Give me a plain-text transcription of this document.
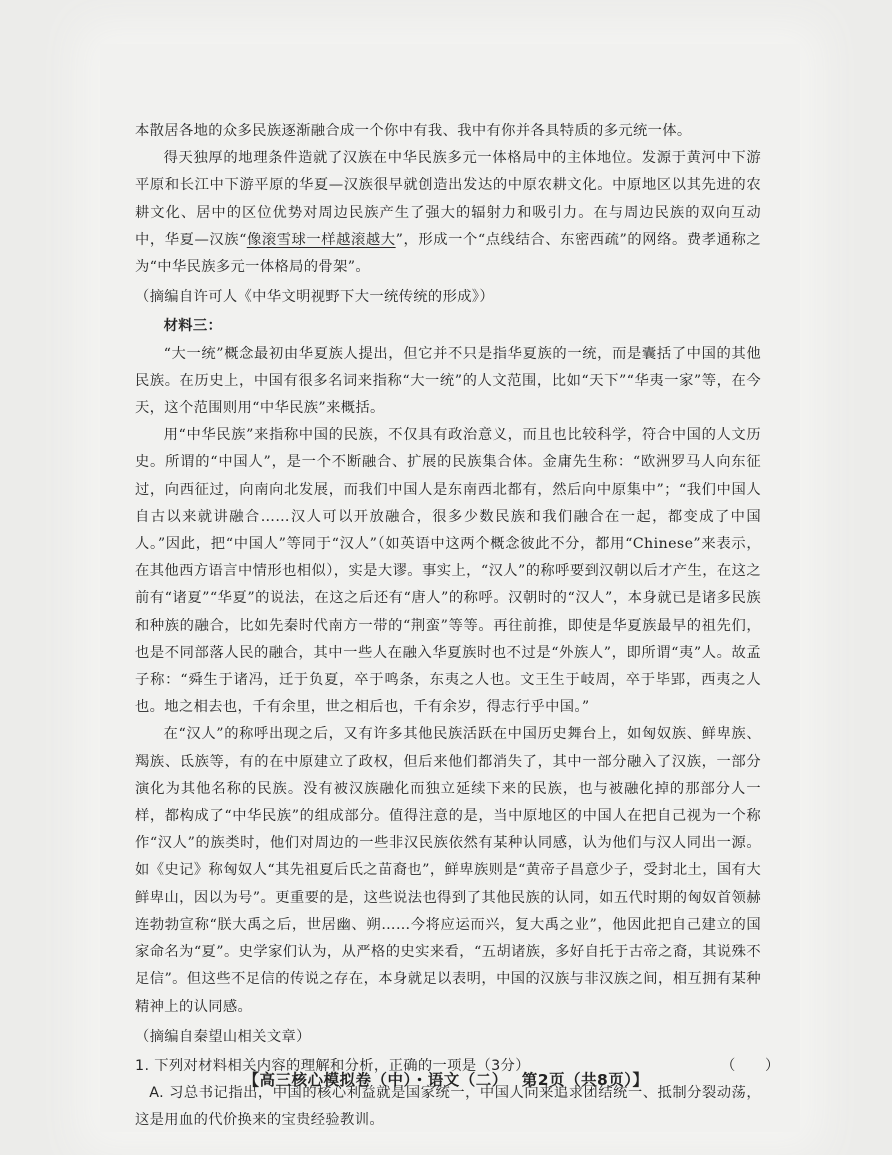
本散居各地的众多民族逐渐融合成一个你中有我、我中有你并各具特质的多元统一体。

得天独厚的地理条件造就了汉族在中华民族多元一体格局中的主体地位。发源于黄河中下游平原和长江中下游平原的华夏—汉族很早就创造出发达的中原农耕文化。中原地区以其先进的农耕文化、居中的区位优势对周边民族产生了强大的辐射力和吸引力。在与周边民族的双向互动中，华夏—汉族“像滚雪球一样越滚越大”，形成一个“点线结合、东密西疏”的网络。费孝通称之为“中华民族多元一体格局的骨架”。

（摘编自许可人《中华文明视野下大一统传统的形成》）

材料三：

“大一统”概念最初由华夏族人提出，但它并不只是指华夏族的一统，而是囊括了中国的其他民族。在历史上，中国有很多名词来指称“大一统”的人文范围，比如“天下”“华夷一家”等，在今天，这个范围则用“中华民族”来概括。

用“中华民族”来指称中国的民族，不仅具有政治意义，而且也比较科学，符合中国的人文历史。所谓的“中国人”，是一个不断融合、扩展的民族集合体。金庸先生称：“欧洲罗马人向东征过，向西征过，向南向北发展，而我们中国人是东南西北都有，然后向中原集中”；“我们中国人自古以来就讲融合……汉人可以开放融合，很多少数民族和我们融合在一起，都变成了中国人。”因此，把“中国人”等同于“汉人”（如英语中这两个概念彼此不分，都用“Chinese”来表示，在其他西方语言中情形也相似），实是大谬。事实上，“汉人”的称呼要到汉朝以后才产生，在这之前有“诸夏”“华夏”的说法，在这之后还有“唐人”的称呼。汉朝时的“汉人”，本身就已是诸多民族和种族的融合，比如先秦时代南方一带的“荆蛮”等等。再往前推，即使是华夏族最早的祖先们，也是不同部落人民的融合，其中一些人在融入华夏族时也不过是“外族人”，即所谓“夷”人。故孟子称：“舜生于诸冯，迁于负夏，卒于鸣条，东夷之人也。文王生于岐周，卒于毕郢，西夷之人也。地之相去也，千有余里，世之相后也，千有余岁，得志行乎中国。”

在“汉人”的称呼出现之后，又有许多其他民族活跃在中国历史舞台上，如匈奴族、鲜卑族、羯族、氐族等，有的在中原建立了政权，但后来他们都消失了，其中一部分融入了汉族，一部分演化为其他名称的民族。没有被汉族融化而独立延续下来的民族，也与被融化掉的那部分人一样，都构成了“中华民族”的组成部分。值得注意的是，当中原地区的中国人在把自己视为一个称作“汉人”的族类时，他们对周边的一些非汉民族依然有某种认同感，认为他们与汉人同出一源。如《史记》称匈奴人“其先祖夏后氏之苗裔也”，鲜卑族则是“黄帝子昌意少子，受封北土，国有大鲜卑山，因以为号”。更重要的是，这些说法也得到了其他民族的认同，如五代时期的匈奴首领赫连勃勃宣称“朕大禹之后，世居幽、朔……今将应运而兴，复大禹之业”，他因此把自己建立的国家命名为“夏”。史学家们认为，从严格的史实来看，“五胡诸族，多好自托于古帝之裔，其说殊不足信”。但这些不足信的传说之存在，本身就足以表明，中国的汉族与非汉族之间，相互拥有某种精神上的认同感。

（摘编自秦望山相关文章）

1. 下列对材料相关内容的理解和分析，正确的一项是（3分）	（　　）

A. 习总书记指出，中国的核心利益就是国家统一，中国人向来追求团结统一、抵制分裂动荡，这是用血的代价换来的宝贵经验教训。

【高三核心模拟卷（中）・语文（二） 第2页（共8页）】
